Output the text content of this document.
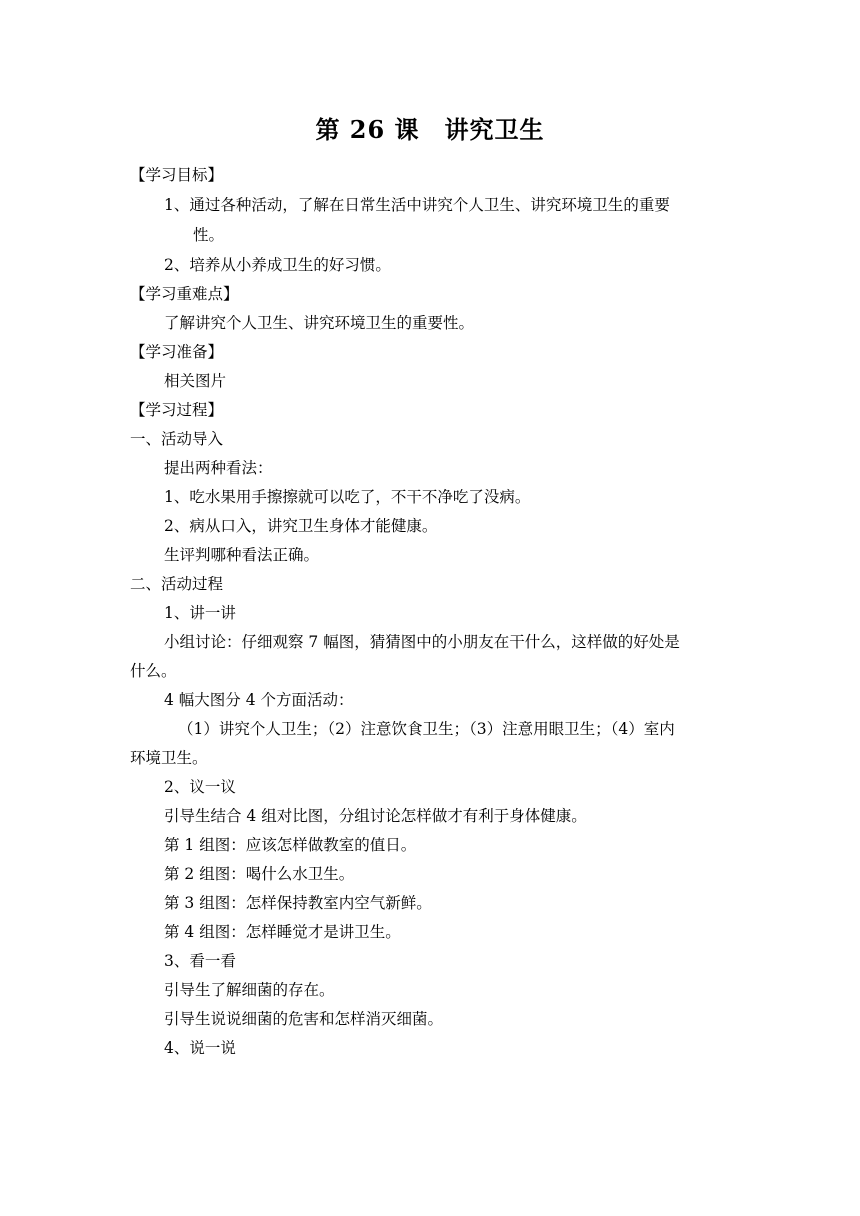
第 26 课　讲究卫生
【学习目标】
1、通过各种活动，了解在日常生活中讲究个人卫生、讲究环境卫生的重要
性。
2、培养从小养成卫生的好习惯。
【学习重难点】
了解讲究个人卫生、讲究环境卫生的重要性。
【学习准备】
相关图片
【学习过程】
一、活动导入
提出两种看法：
1、吃水果用手擦擦就可以吃了，不干不净吃了没病。
2、病从口入，讲究卫生身体才能健康。
生评判哪种看法正确。
二、活动过程
1、讲一讲
小组讨论：仔细观察 7 幅图，猜猜图中的小朋友在干什么，这样做的好处是
什么。
4 幅大图分 4 个方面活动：
（1）讲究个人卫生；（2）注意饮食卫生；（3）注意用眼卫生；（4）室内
环境卫生。
2、议一议
引导生结合 4 组对比图，分组讨论怎样做才有利于身体健康。
第 1 组图：应该怎样做教室的值日。
第 2 组图：喝什么水卫生。
第 3 组图：怎样保持教室内空气新鲜。
第 4 组图：怎样睡觉才是讲卫生。
3、看一看
引导生了解细菌的存在。
引导生说说细菌的危害和怎样消灭细菌。
4、说一说
